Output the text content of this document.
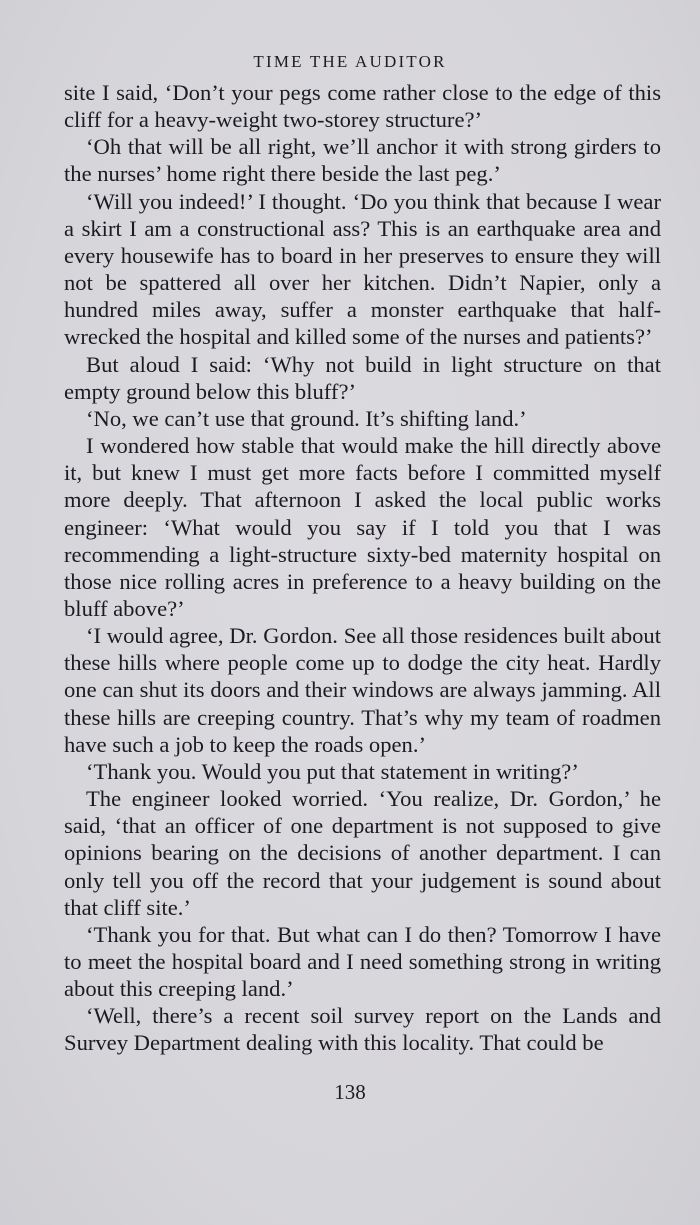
TIME THE AUDITOR

site I said, ‘Don’t your pegs come rather close to the edge of this cliff for a heavy-weight two-storey structure?’

‘Oh that will be all right, we’ll anchor it with strong girders to the nurses’ home right there beside the last peg.’

‘Will you indeed!’ I thought. ‘Do you think that because I wear a skirt I am a constructional ass? This is an earthquake area and every housewife has to board in her preserves to ensure they will not be spattered all over her kitchen. Didn’t Napier, only a hundred miles away, suffer a monster earthquake that half-wrecked the hospital and killed some of the nurses and patients?’

But aloud I said: ‘Why not build in light structure on that empty ground below this bluff?’

‘No, we can’t use that ground. It’s shifting land.’

I wondered how stable that would make the hill directly above it, but knew I must get more facts before I committed myself more deeply. That afternoon I asked the local public works engineer: ‘What would you say if I told you that I was recommending a light-structure sixty-bed maternity hospital on those nice rolling acres in preference to a heavy building on the bluff above?’

‘I would agree, Dr. Gordon. See all those residences built about these hills where people come up to dodge the city heat. Hardly one can shut its doors and their windows are always jamming. All these hills are creeping country. That’s why my team of roadmen have such a job to keep the roads open.’

‘Thank you. Would you put that statement in writing?’

The engineer looked worried. ‘You realize, Dr. Gordon,’ he said, ‘that an officer of one department is not supposed to give opinions bearing on the decisions of another department. I can only tell you off the record that your judgement is sound about that cliff site.’

‘Thank you for that. But what can I do then? Tomorrow I have to meet the hospital board and I need something strong in writing about this creeping land.’

‘Well, there’s a recent soil survey report on the Lands and Survey Department dealing with this locality. That could be

138
